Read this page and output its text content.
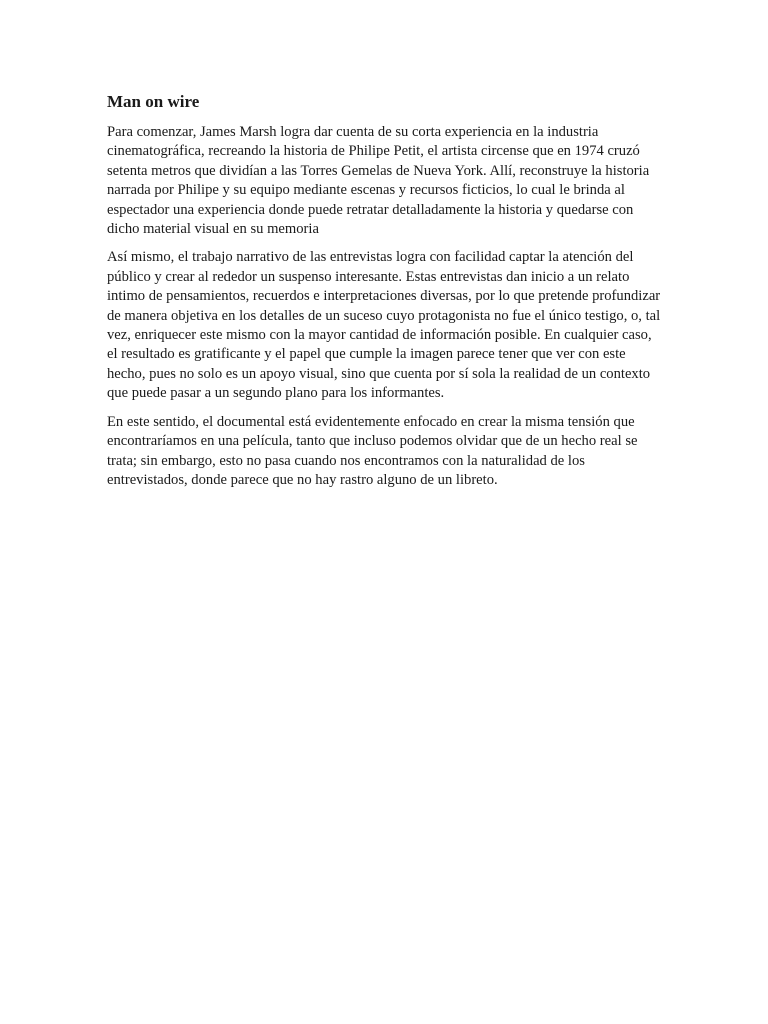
Man on wire

Para comenzar, James Marsh logra dar cuenta de su corta experiencia en la industria cinematográfica, recreando la historia de Philipe Petit, el artista circense que en 1974 cruzó setenta metros que dividían a las Torres Gemelas de Nueva York. Allí, reconstruye la historia narrada por Philipe y su equipo mediante escenas y recursos ficticios, lo cual le brinda al espectador una experiencia donde puede retratar detalladamente la historia y quedarse con dicho material visual en su memoria

Así mismo, el trabajo narrativo de las entrevistas logra con facilidad captar la atención del público y crear al rededor un suspenso interesante. Estas entrevistas dan inicio a un relato intimo de pensamientos, recuerdos e interpretaciones diversas, por lo que pretende profundizar de manera objetiva en los detalles de un suceso cuyo protagonista no fue el único testigo, o, tal vez, enriquecer este mismo con la mayor cantidad de información posible. En cualquier caso, el resultado es gratificante y el papel que cumple la imagen parece tener que ver con este hecho, pues no solo es un apoyo visual, sino que cuenta por sí sola la realidad de un contexto que puede pasar a un segundo plano para los informantes.

En este sentido, el documental está evidentemente enfocado en crear la misma tensión que encontraríamos en una película, tanto que incluso podemos olvidar que de un hecho real se trata; sin embargo, esto no pasa cuando nos encontramos con la naturalidad de los entrevistados, donde parece que no hay rastro alguno de un libreto.
